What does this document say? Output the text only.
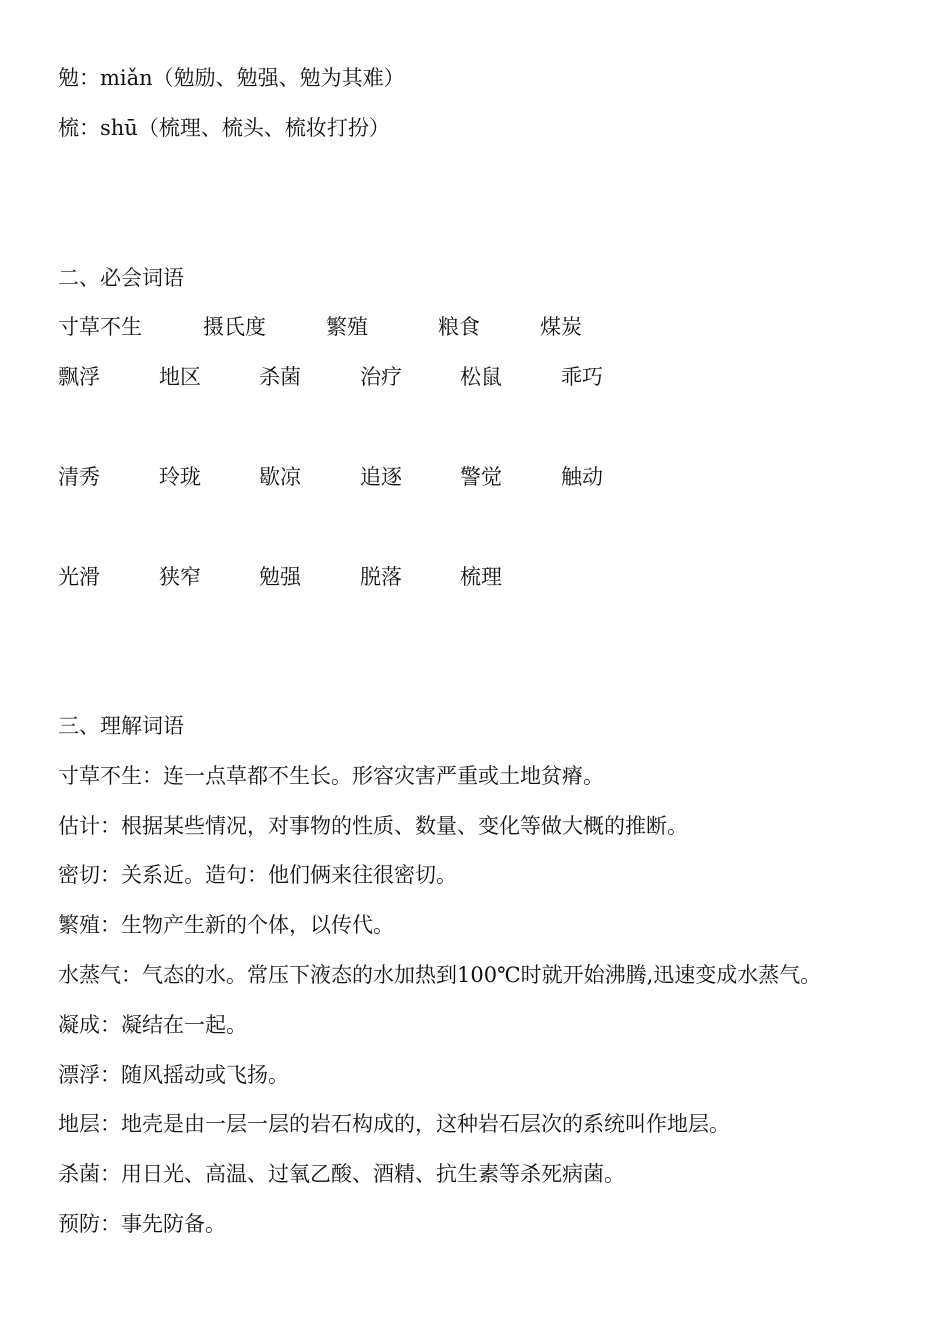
勉：miǎn（勉励、勉强、勉为其难）
梳：shū（梳理、梳头、梳妆打扮）
二、必会词语
寸草不生	摄氏度	繁殖	粮食	煤炭
飘浮	地区	杀菌	治疗	松鼠	乖巧
清秀	玲珑	歇凉	追逐	警觉	触动
光滑	狭窄	勉强	脱落	梳理
三、理解词语
寸草不生：连一点草都不生长。形容灾害严重或土地贫瘠。
估计：根据某些情况，对事物的性质、数量、变化等做大概的推断。
密切：关系近。造句：他们俩来往很密切。
繁殖：生物产生新的个体，以传代。
水蒸气：气态的水。常压下液态的水加热到100℃时就开始沸腾,迅速变成水蒸气。
凝成：凝结在一起。
漂浮：随风摇动或飞扬。
地层：地壳是由一层一层的岩石构成的，这种岩石层次的系统叫作地层。
杀菌：用日光、高温、过氧乙酸、酒精、抗生素等杀死病菌。
预防：事先防备。
